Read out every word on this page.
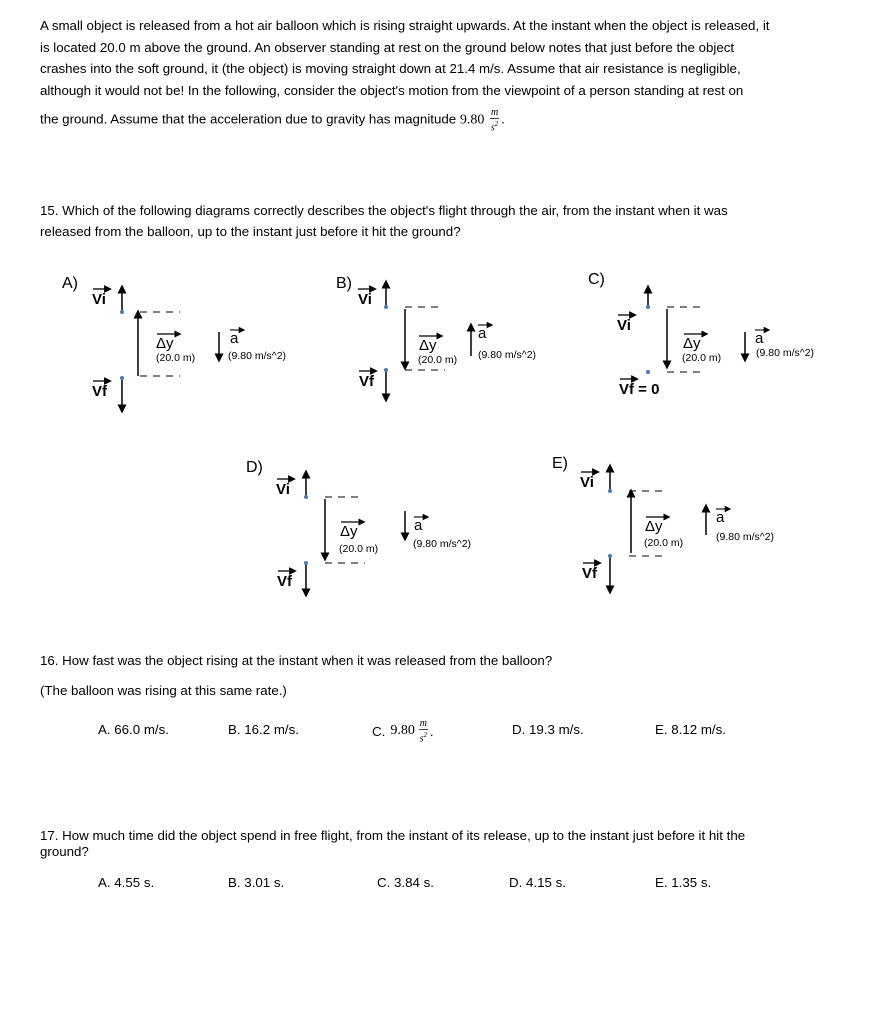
A small object is released from a hot air balloon which is rising straight upwards. At the instant when the object is released, it
is located 20.0 m above the ground. An observer standing at rest on the ground below notes that just before the object
crashes into the soft ground, it (the object) is moving straight down at 21.4 m/s. Assume that air resistance is negligible,
although it would not be! In the following, consider the object's motion from the viewpoint of a person standing at rest on
the ground. Assume that the acceleration due to gravity has magnitude $9.80 \frac{m}{s^2}$ .
15. Which of the following diagrams correctly describes the object's flight through the air, from the instant when it was
released from the balloon, up to the instant just before it hit the ground?
A)
Vi
Δy
(20.0 m)
a
(9.80 m/s^2)
Vf
B)
Vi
Δy
(20.0 m)
a
(9.80 m/s^2)
Vf
C)
Vi
Δy
(20.0 m)
a
(9.80 m/s^2)
Vf = 0
D)
Vi
Δy
(20.0 m)
a
(9.80 m/s^2)
Vf
E)
Vi
Δy
(20.0 m)
a
(9.80 m/s^2)
Vf
16. How fast was the object rising at the instant when it was released from the balloon?
(The balloon was rising at this same rate.)
A. 66.0 m/s.	B. 16.2 m/s.	C. $9.80 \frac{m}{s^2}$ .	D. 19.3 m/s.	E. 8.12 m/s.
17. How much time did the object spend in free flight, from the instant of its release, up to the instant just before it hit the
ground?
A. 4.55 s.	B. 3.01 s.	C. 3.84 s.	D. 4.15 s.	E. 1.35 s.
